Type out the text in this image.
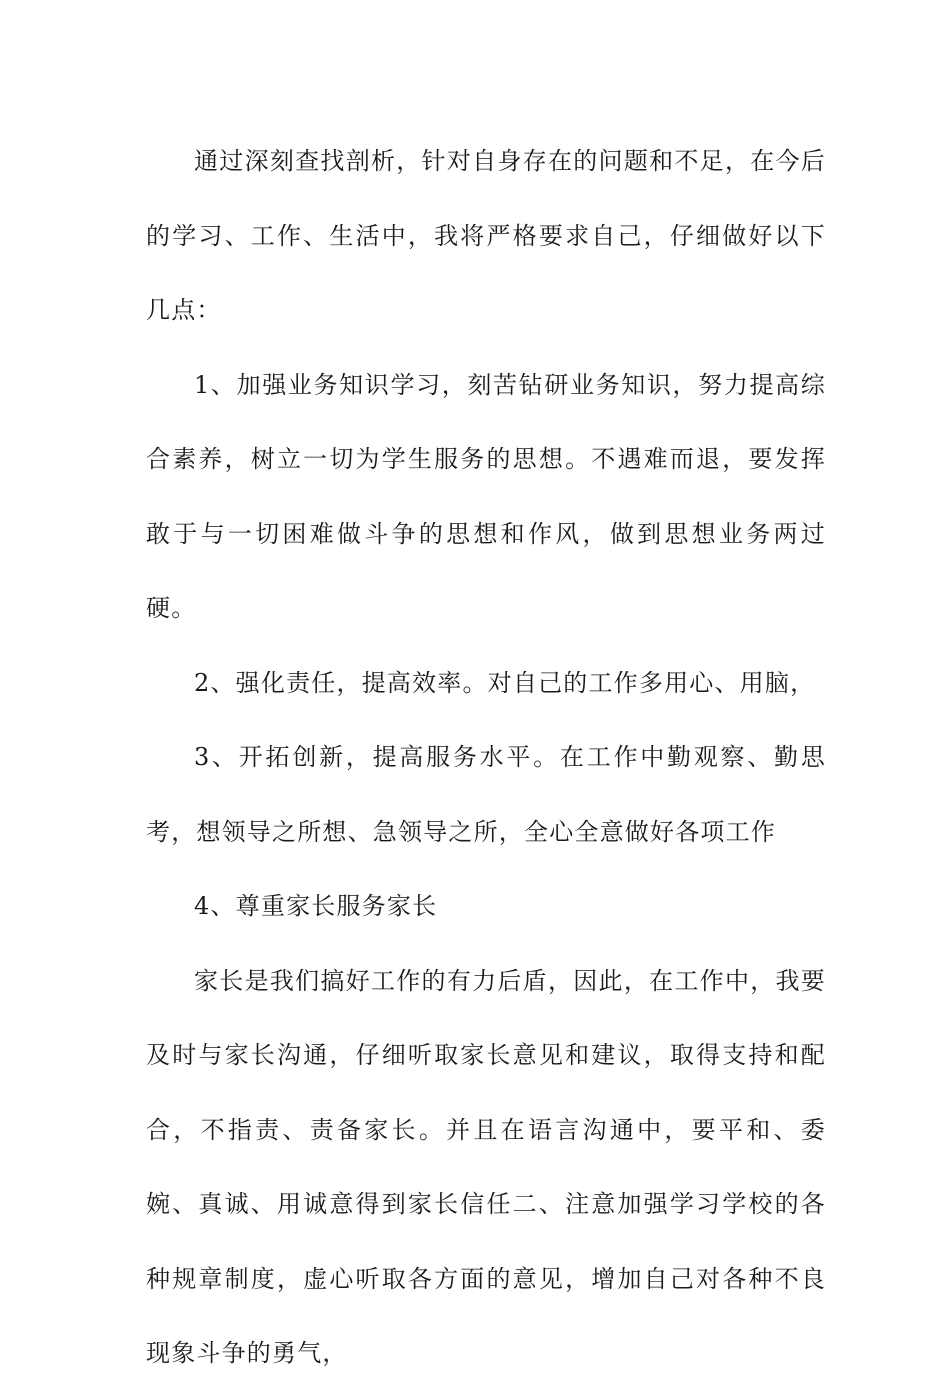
通过深刻查找剖析，针对自身存在的问题和不足，在今后的学习、工作、生活中，我将严格要求自己，仔细做好以下几点：

1、加强业务知识学习，刻苦钻研业务知识，努力提高综合素养，树立一切为学生服务的思想。不遇难而退，要发挥敢于与一切困难做斗争的思想和作风，做到思想业务两过硬。

2、强化责任，提高效率。对自己的工作多用心、用脑，

3、开拓创新，提高服务水平。在工作中勤观察、勤思考，想领导之所想、急领导之所，全心全意做好各项工作

4、尊重家长服务家长

家长是我们搞好工作的有力后盾，因此，在工作中，我要及时与家长沟通，仔细听取家长意见和建议，取得支持和配合，不指责、责备家长。并且在语言沟通中，要平和、委婉、真诚、用诚意得到家长信任二、注意加强学习学校的各种规章制度，虚心听取各方面的意见，增加自己对各种不良现象斗争的勇气，
